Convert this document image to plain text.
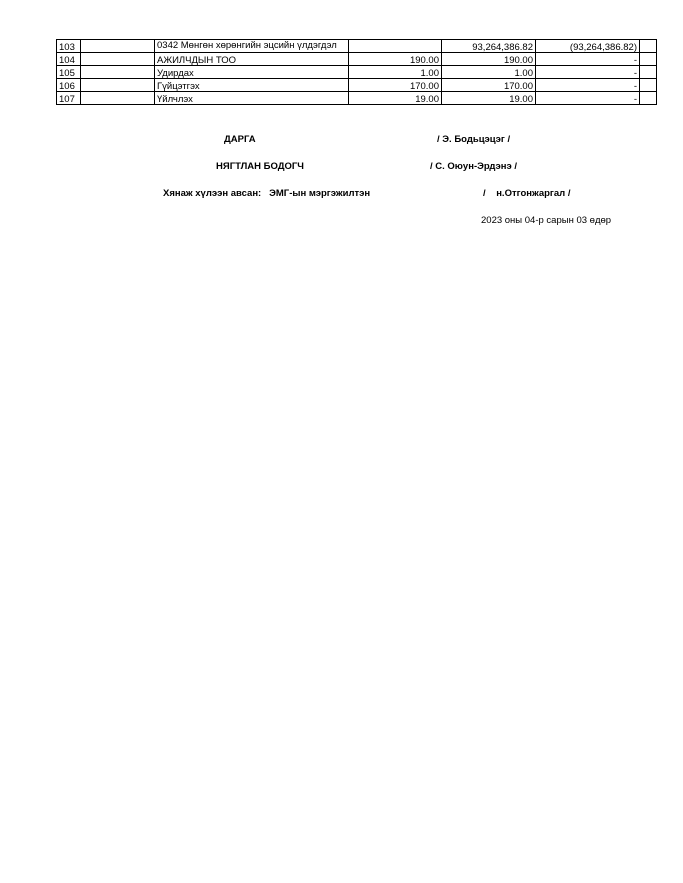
103		0342 Мөнгөн хөрөнгийн эцсийн үлдэгдэл		93,264,386.82	(93,264,386.82)	
104		АЖИЛЧДЫН ТОО	190.00	190.00	-	
105		Удирдах	1.00	1.00	-	
106		Гүйцэтгэх	170.00	170.00	-	
107		Үйлчлэх	19.00	19.00	-	
ДАРГА	/ Э. Бодьцэцэг /
НЯГТЛАН БОДОГЧ	/ С. Оюун-Эрдэнэ /
Хянаж хүлээн авсан:   ЭМГ-ын мэргэжилтэн	/    н.Отгонжаргал /
2023 оны 04-р сарын 03 өдөр
